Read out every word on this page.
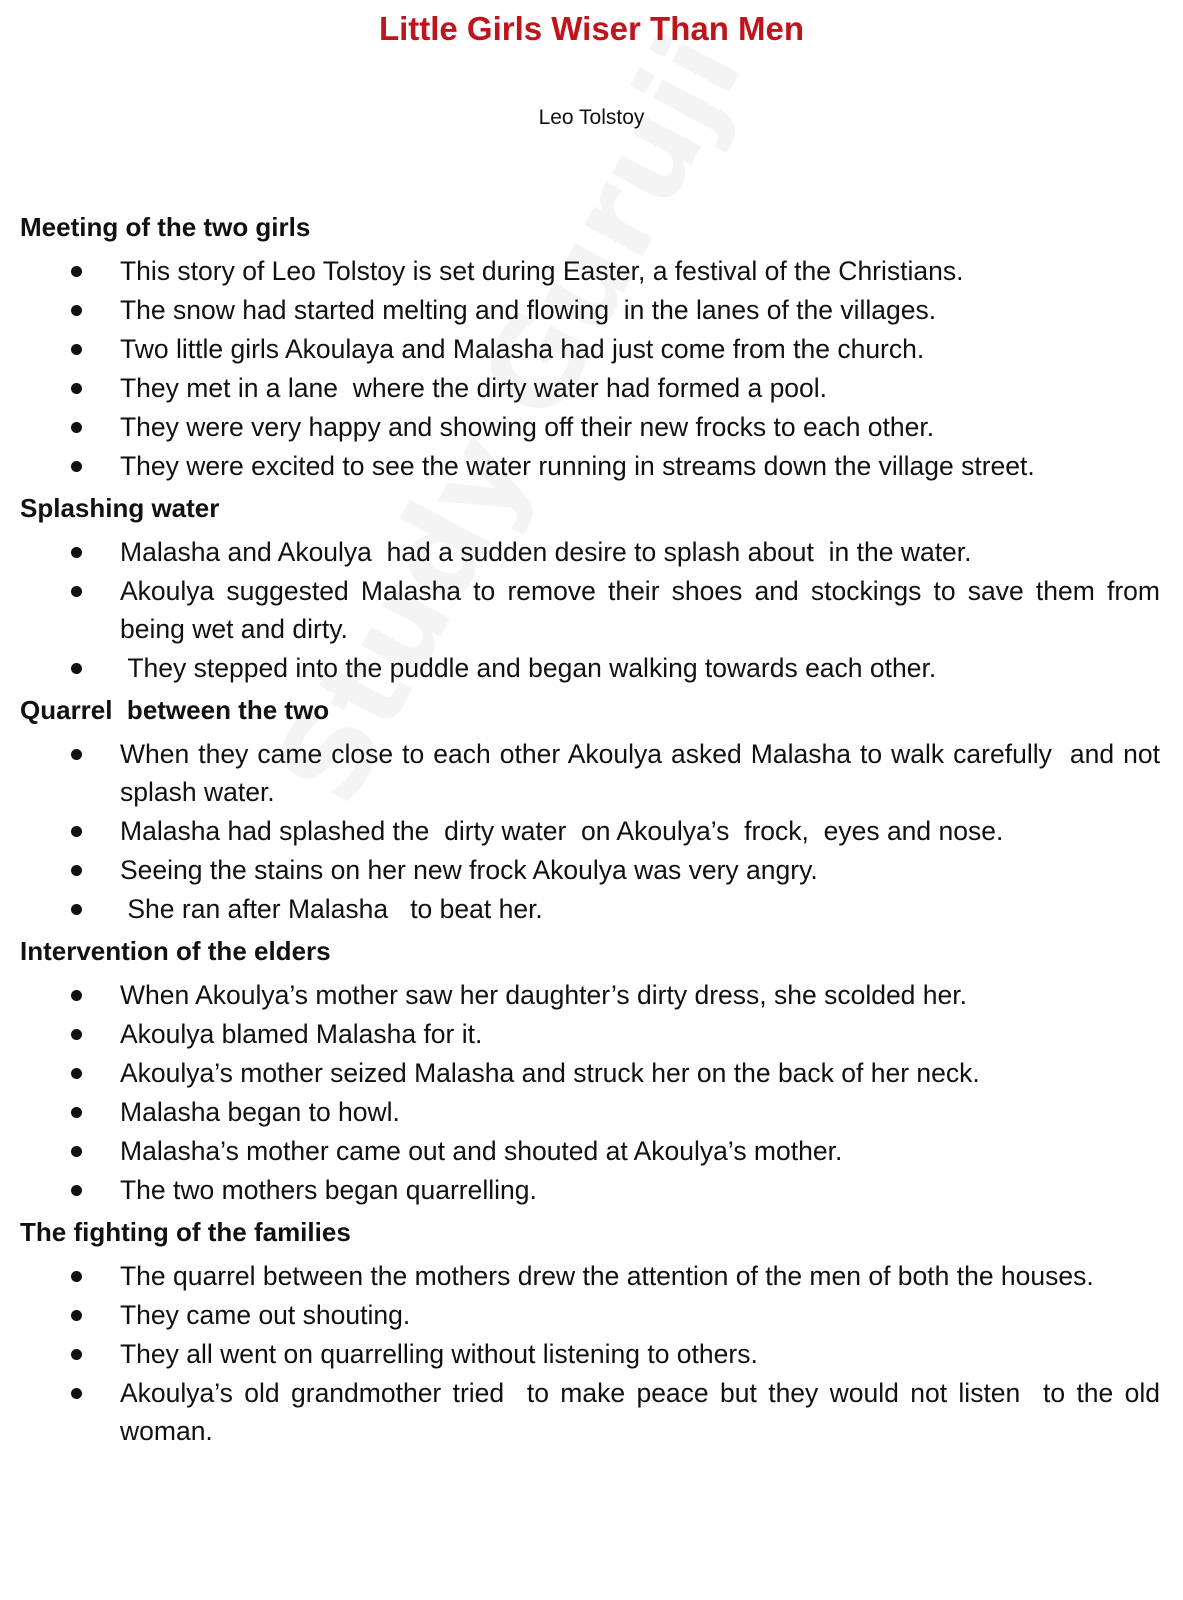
Little Girls Wiser Than Men

Leo Tolstoy

Meeting of the two girls
This story of Leo Tolstoy is set during Easter, a festival of the Christians.
The snow had started melting and flowing  in the lanes of the villages.
Two little girls Akoulaya and Malasha had just come from the church.
They met in a lane  where the dirty water had formed a pool.
They were very happy and showing off their new frocks to each other.
They were excited to see the water running in streams down the village street.
Splashing water
Malasha and Akoulya  had a sudden desire to splash about  in the water.
Akoulya suggested Malasha to remove their shoes and stockings to save them from being wet and dirty.
They stepped into the puddle and began walking towards each other.
Quarrel  between the two
When they came close to each other Akoulya asked Malasha to walk carefully  and not splash water.
Malasha had splashed the  dirty water  on Akoulya’s  frock,  eyes and nose.
Seeing the stains on her new frock Akoulya was very angry.
She ran after Malasha   to beat her.
Intervention of the elders
When Akoulya’s mother saw her daughter’s dirty dress, she scolded her.
Akoulya blamed Malasha for it.
Akoulya’s mother seized Malasha and struck her on the back of her neck.
Malasha began to howl.
Malasha’s mother came out and shouted at Akoulya’s mother.
The two mothers began quarrelling.
The fighting of the families
The quarrel between the mothers drew the attention of the men of both the houses.
They came out shouting.
They all went on quarrelling without listening to others.
Akoulya’s old grandmother tried  to make peace but they would not listen  to the old woman.
